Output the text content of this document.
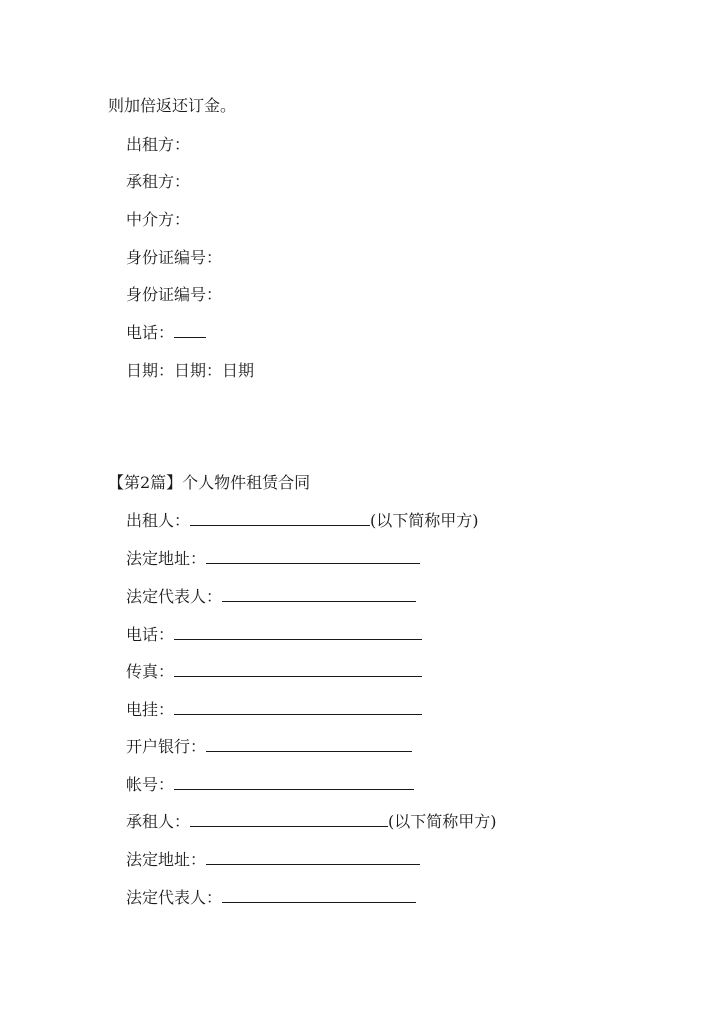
则加倍返还订金。
出租方：
承租方：
中介方：
身份证编号：
身份证编号：
电话：
日期：日期：日期
【第2篇】个人物件租赁合同
出租人：	(以下简称甲方)
法定地址：
法定代表人：
电话：
传真：
电挂：
开户银行：
帐号：
承租人：	(以下简称甲方)
法定地址：
法定代表人：
